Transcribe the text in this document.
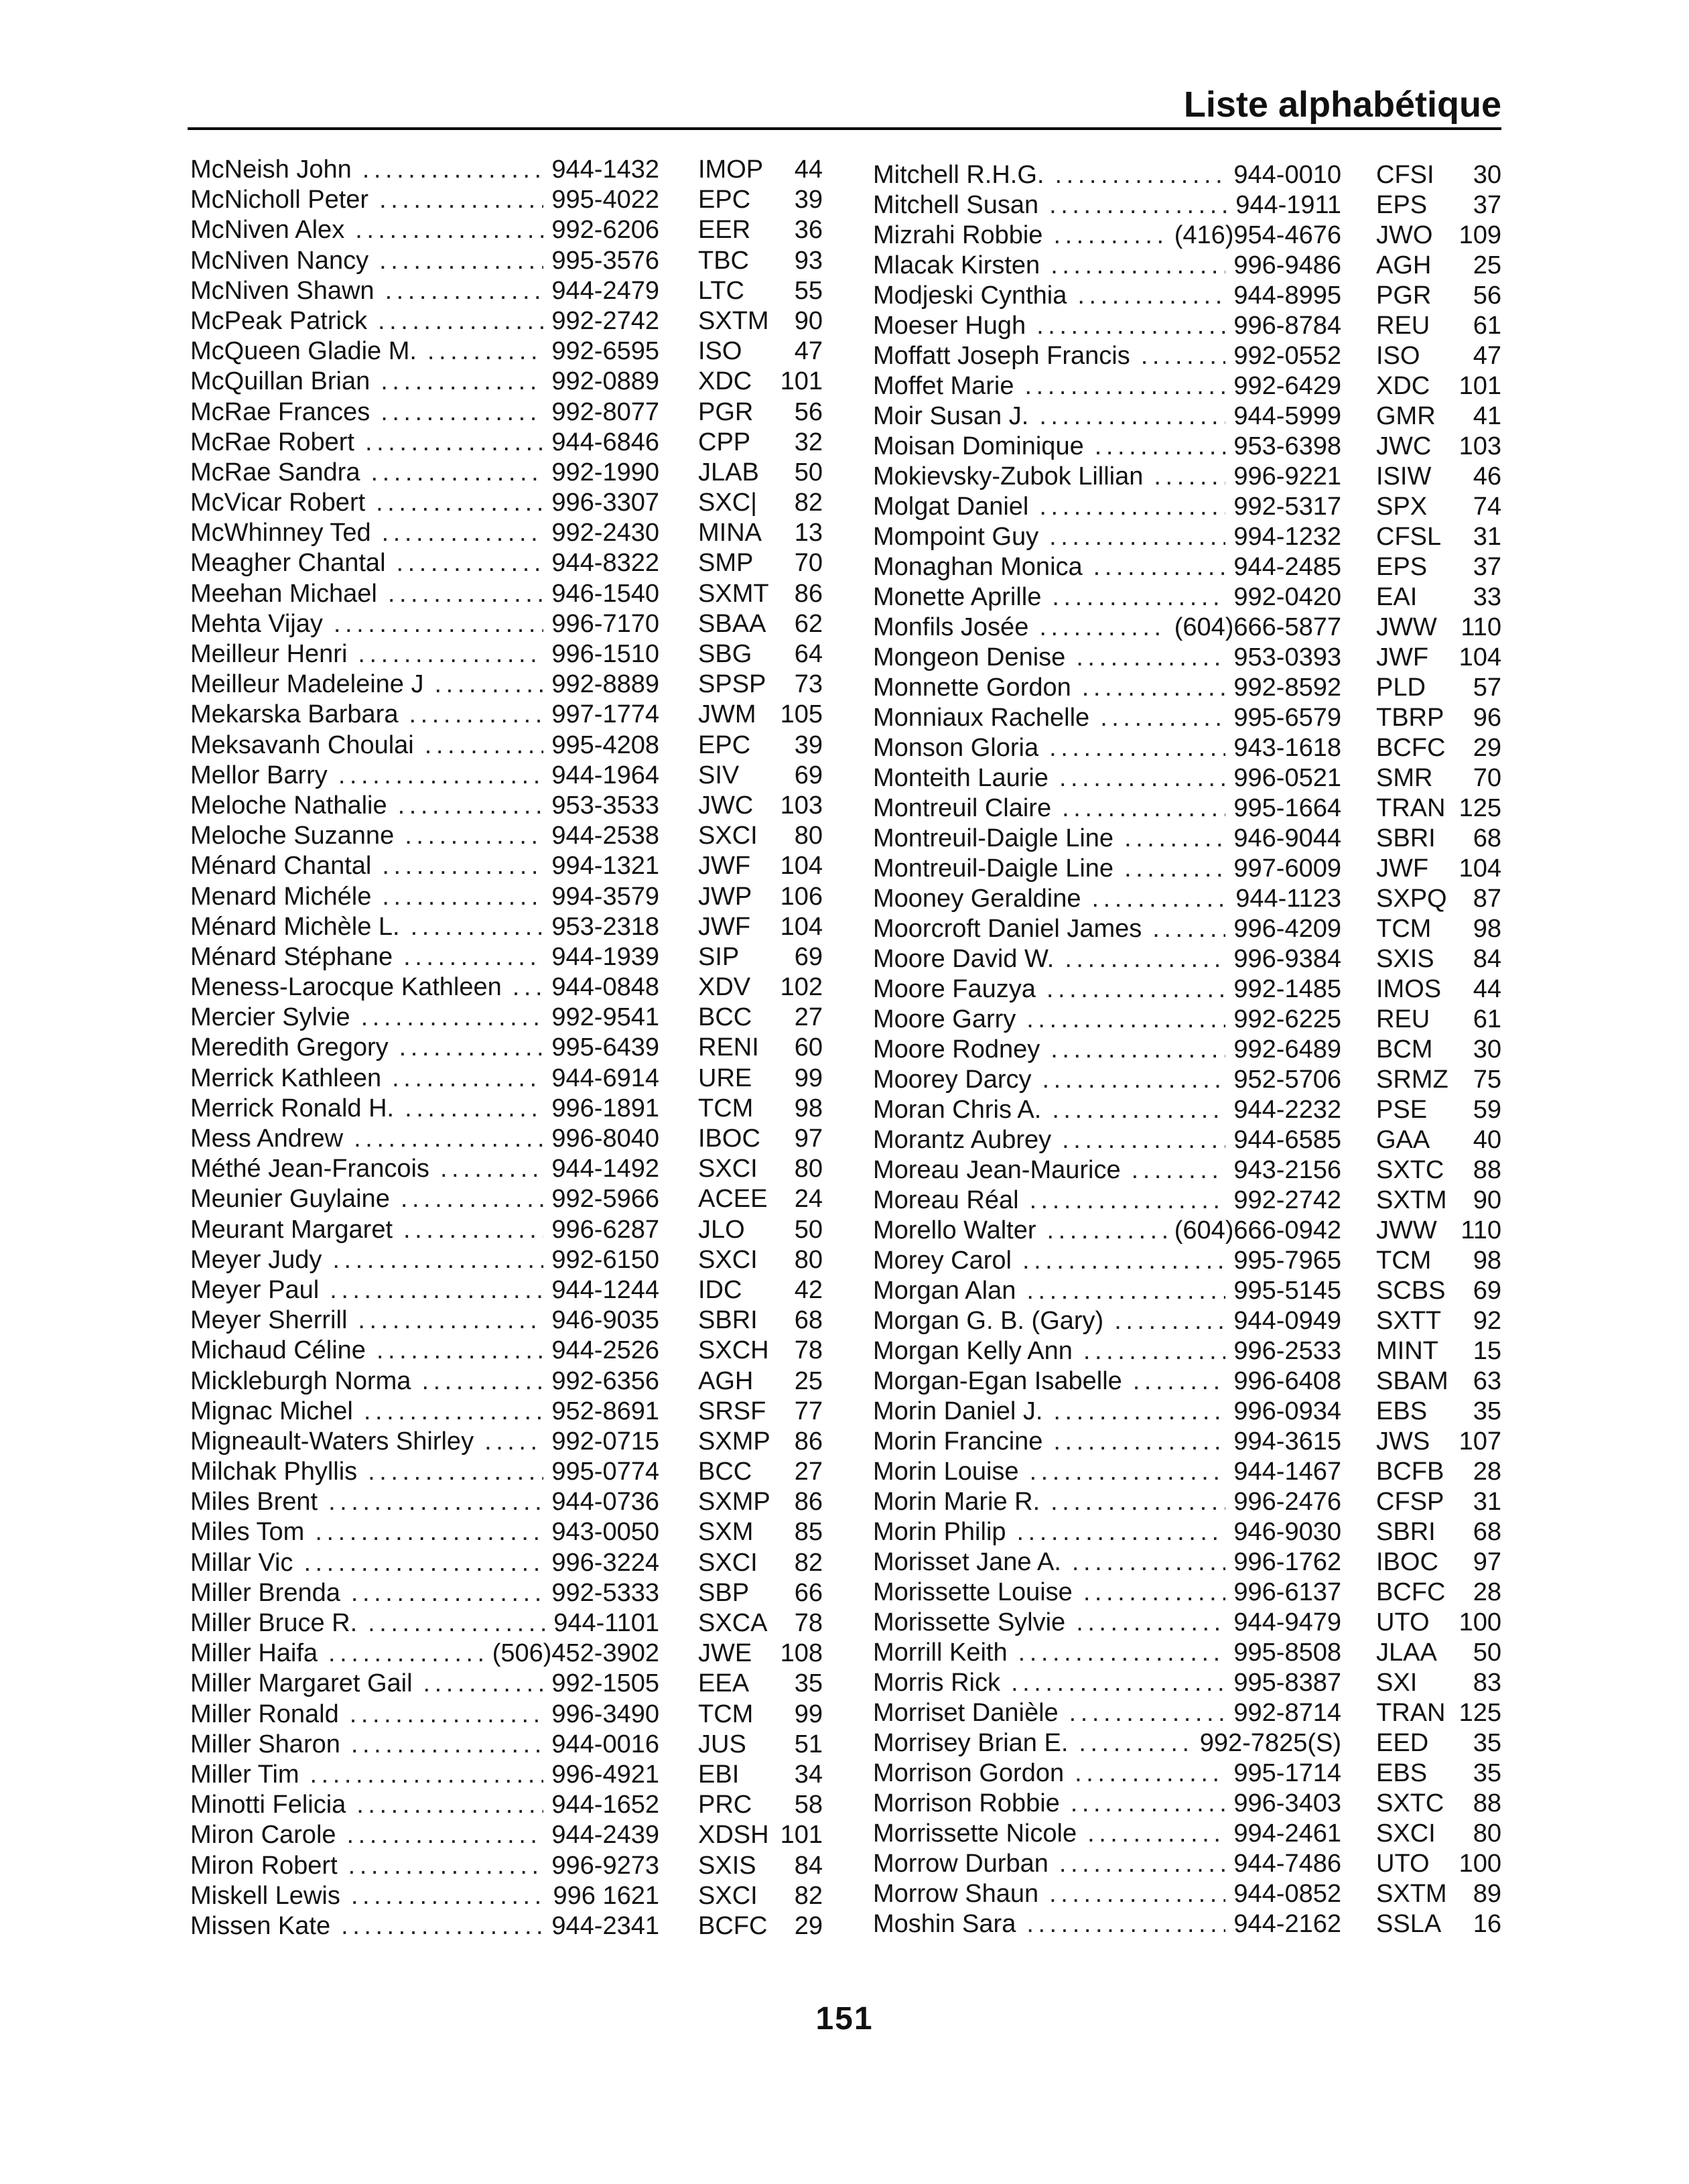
Liste alphabétique
McNeish John . . .	944-1432 IMOP	44
McNicholl Peter . . .	995-4022 EPC	39
McNiven Alex . . .	992-6206 EER	36
McNiven Nancy . . .	995-3576 TBC	93
McNiven Shawn . . .	944-2479 LTC	55
McPeak Patrick . . .	992-2742 SXTM	90
McQueen Gladie M. . . .	992-6595 ISO	47
McQuillan Brian . . .	992-0889 XDC	101
McRae Frances . . .	992-8077 PGR	56
McRae Robert . . .	944-6846 CPP	32
McRae Sandra . . .	992-1990 JLAB	50
McVicar Robert . . .	996-3307 SXC|	82
McWhinney Ted . . .	992-2430 MINA	13
Meagher Chantal . . .	944-8322 SMP	70
Meehan Michael . . .	946-1540 SXMT	86
Mehta Vijay . . .	996-7170 SBAA	62
Meilleur Henri . . .	996-1510 SBG	64
Meilleur Madeleine J . . .	992-8889 SPSP	73
Mekarska Barbara . . .	997-1774 JWM 105
Meksavanh Choulai . . .	995-4208 EPC	39
Mellor Barry . . .	944-1964 SIV	69
Meloche Nathalie . . .	953-3533 JWC	103
Meloche Suzanne . . .	944-2538 SXCI	80
Ménard Chantal . . .	994-1321 JWF	104
Menard Michéle . . .	994-3579 JWP	106
Ménard Michèle L. . . .	953-2318 JWF	104
Ménard Stéphane . . .	944-1939 SIP	69
Meness-Larocque Kathleen . . . 944-0848 XDV	102
Mercier Sylvie . . .	992-9541 BCC	27
Meredith Gregory . . .	995-6439 RENI	60
Merrick Kathleen . . .	944-6914 URE	99
Merrick Ronald H. . . .	996-1891 TCM	98
Mess Andrew . . .	996-8040 IBOC	97
Méthé Jean-Francois . . .	944-1492 SXCI	80
Meunier Guylaine . . .	992-5966 ACEE	24
Meurant Margaret . . .	996-6287 JLO	50
Meyer Judy . . .	992-6150 SXCI	80
Meyer Paul . . .	944-1244 IDC	42
Meyer Sherrill . . .	946-9035 SBRI	68
Michaud Céline . . .	944-2526 SXCH	78
Mickleburgh Norma . . .	992-6356 AGH	25
Mignac Michel . . .	952-8691 SRSF	77
Migneault-Waters Shirley . . .	992-0715 SXMP 86
Milchak Phyllis . . .	995-0774 BCC	27
Miles Brent . . .	944-0736 SXMP 86
Miles Tom . . .	943-0050 SXM	85
Millar Vic . . .	996-3224 SXCI	82
Miller Brenda . . .	992-5333 SBP	66
Miller Bruce R. . . .	944-1101 SXCA	78
Miller Haifa . . .	(506)452-3902 JWE	108
Miller Margaret Gail . . .	992-1505 EEA	35
Miller Ronald . . .	996-3490 TCM	99
Miller Sharon . . .	944-0016 JUS	51
Miller Tim . . .	996-4921 EBI	34
Minotti Felicia . . .	944-1652 PRC	58
Miron Carole . . .	944-2439 XDSH 101
Miron Robert . . .	996-9273 SXIS	84
Miskell Lewis . . .	996 1621 SXCI	82
Missen Kate . . .	944-2341 BCFC	29
Mitchell R.H.G. . . .	944-0010 CFSI	30
Mitchell Susan . . .	944-1911 EPS	37
Mizrahi Robbie . . .	(416)954-4676 JWO	109
Mlacak Kirsten . . .	996-9486 AGH	25
Modjeski Cynthia . . .	944-8995 PGR	56
Moeser Hugh . . .	996-8784 REU	61
Moffatt Joseph Francis . . .	992-0552 ISO	47
Moffet Marie . . .	992-6429 XDC	101
Moir Susan J. . . .	944-5999 GMR	41
Moisan Dominique . . .	953-6398 JWC	103
Mokievsky-Zubok Lillian . . .	996-9221 ISIW	46
Molgat Daniel . . .	992-5317 SPX	74
Mompoint Guy . . .	994-1232 CFSL	31
Monaghan Monica . . .	944-2485 EPS	37
Monette Aprille . . .	992-0420 EAI	33
Monfils Josée . . .	(604)666-5877 JWW 110
Mongeon Denise . . .	953-0393 JWF	104
Monnette Gordon . . .	992-8592 PLD	57
Monniaux Rachelle . . .	995-6579 TBRP	96
Monson Gloria . . .	943-1618 BCFC	29
Monteith Laurie . . .	996-0521 SMR	70
Montreuil Claire . . .	995-1664 TRAN 125
Montreuil-Daigle Line . . .	946-9044 SBRI	68
Montreuil-Daigle Line . . .	997-6009 JWF	104
Mooney Geraldine . . .	944-1123 SXPQ	87
Moorcroft Daniel James . . .	996-4209 TCM	98
Moore David W. . . .	996-9384 SXIS	84
Moore Fauzya . . .	992-1485 IMOS	44
Moore Garry . . .	992-6225 REU	61
Moore Rodney . . .	992-6489 BCM	30
Moorey Darcy . . .	952-5706 SRMZ 75
Moran Chris A. . . .	944-2232 PSE	59
Morantz Aubrey . . .	944-6585 GAA	40
Moreau Jean-Maurice . . .	943-2156 SXTC	88
Moreau Réal . . .	992-2742 SXTM	90
Morello Walter . . .	(604)666-0942 JWW 110
Morey Carol . . .	995-7965 TCM	98
Morgan Alan . . .	995-5145 SCBS	69
Morgan G. B. (Gary) . . .	944-0949 SXTT	92
Morgan Kelly Ann . . .	996-2533 MINT	15
Morgan-Egan Isabelle . . .	996-6408 SBAM 63
Morin Daniel J. . . .	996-0934 EBS	35
Morin Francine . . .	994-3615 JWS	107
Morin Louise . . .	944-1467 BCFB	28
Morin Marie R. . . .	996-2476 CFSP	31
Morin Philip . . .	946-9030 SBRI	68
Morisset Jane A. . . .	996-1762 IBOC	97
Morissette Louise . . .	996-6137 BCFC	28
Morissette Sylvie . . .	944-9479 UTO	100
Morrill Keith . . .	995-8508 JLAA	50
Morris Rick . . .	995-8387 SXI	83
Morriset Danièle . . .	992-8714 TRAN 125
Morrisey Brian E. . . .	992-7825(S) EED	35
Morrison Gordon . . .	995-1714 EBS	35
Morrison Robbie . . .	996-3403 SXTC	88
Morrissette Nicole . . .	994-2461 SXCI	80
Morrow Durban . . .	944-7486 UTO	100
Morrow Shaun . . .	944-0852 SXTM	89
Moshin Sara . . .	944-2162 SSLA	16
151
